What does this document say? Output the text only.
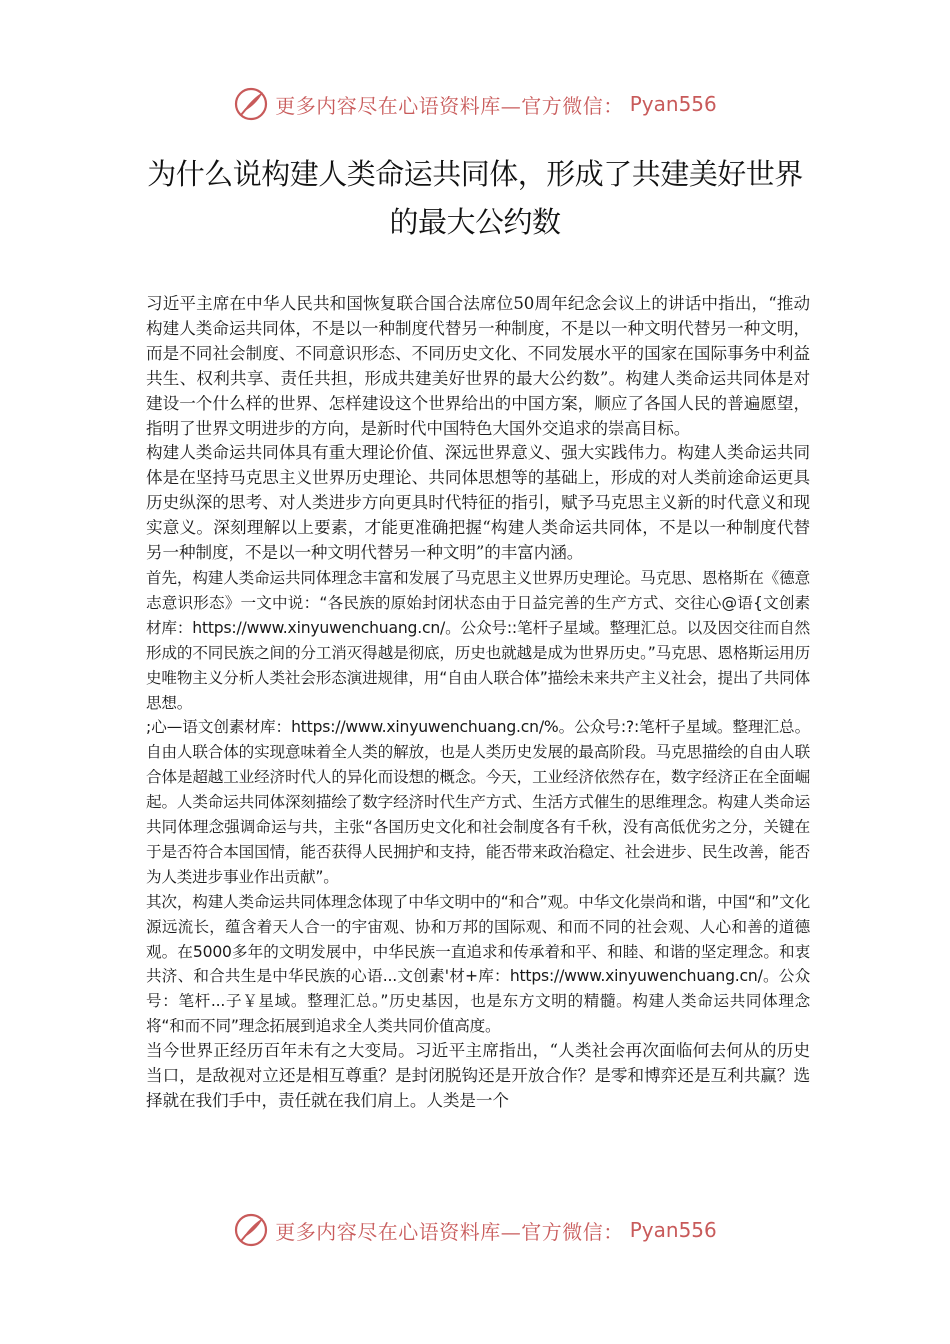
更多内容尽在心语资料库—官方微信： Pyan556
为什么说构建人类命运共同体，形成了共建美好世界
的最大公约数

习近平主席在中华人民共和国恢复联合国合法席位50周年纪念会议上的讲话中指出，“推动构建人类命运共同体，不是以一种制度代替另一种制度，不是以一种文明代替另一种文明，而是不同社会制度、不同意识形态、不同历史文化、不同发展水平的国家在国际事务中利益共生、权利共享、责任共担，形成共建美好世界的最大公约数”。构建人类命运共同体是对建设一个什么样的世界、怎样建设这个世界给出的中国方案，顺应了各国人民的普遍愿望，指明了世界文明进步的方向，是新时代中国特色大国外交追求的崇高目标。

构建人类命运共同体具有重大理论价值、深远世界意义、强大实践伟力。构建人类命运共同体是在坚持马克思主义世界历史理论、共同体思想等的基础上，形成的对人类前途命运更具历史纵深的思考、对人类进步方向更具时代特征的指引，赋予马克思主义新的时代意义和现实意义。深刻理解以上要素，才能更准确把握“构建人类命运共同体，不是以一种制度代替另一种制度，不是以一种文明代替另一种文明”的丰富内涵。

首先，构建人类命运共同体理念丰富和发展了马克思主义世界历史理论。马克思、恩格斯在《德意志意识形态》一文中说：“各民族的原始封闭状态由于日益完善的生产方式、交往心@语{文创素材库：https://www.xinyuwenchuang.cn/。公众号::笔杆子星域。整理汇总。以及因交往而自然形成的不同民族之间的分工消灭得越是彻底，历史也就越是成为世界历史。”马克思、恩格斯运用历史唯物主义分析人类社会形态演进规律，用“自由人联合体”描绘未来共产主义社会，提出了共同体思想。

;心—语文创素材库：https://www.xinyuwenchuang.cn/%。公众号:?:笔杆子星域。整理汇总。自由人联合体的实现意味着全人类的解放，也是人类历史发展的最高阶段。马克思描绘的自由人联合体是超越工业经济时代人的异化而设想的概念。今天，工业经济依然存在，数字经济正在全面崛起。人类命运共同体深刻描绘了数字经济时代生产方式、生活方式催生的思维理念。构建人类命运共同体理念强调命运与共，主张“各国历史文化和社会制度各有千秋，没有高低优劣之分，关键在于是否符合本国国情，能否获得人民拥护和支持，能否带来政治稳定、社会进步、民生改善，能否为人类进步事业作出贡献”。

其次，构建人类命运共同体理念体现了中华文明中的“和合”观。中华文化崇尚和谐，中国“和”文化源远流长，蕴含着天人合一的宇宙观、协和万邦的国际观、和而不同的社会观、人心和善的道德观。在5000多年的文明发展中，中华民族一直追求和传承着和平、和睦、和谐的坚定理念。和衷共济、和合共生是中华民族的心语...文创素'材+库：https://www.xinyuwenchuang.cn/。公众号：笔杆...子￥星域。整理汇总。”历史基因，也是东方文明的精髓。构建人类命运共同体理念将“和而不同”理念拓展到追求全人类共同价值高度。

当今世界正经历百年未有之大变局。习近平主席指出，“人类社会再次面临何去何从的历史当口，是敌视对立还是相互尊重？是封闭脱钩还是开放合作？是零和博弈还是互利共赢？选择就在我们手中，责任就在我们肩上。人类是一个

更多内容尽在心语资料库—官方微信： Pyan556
